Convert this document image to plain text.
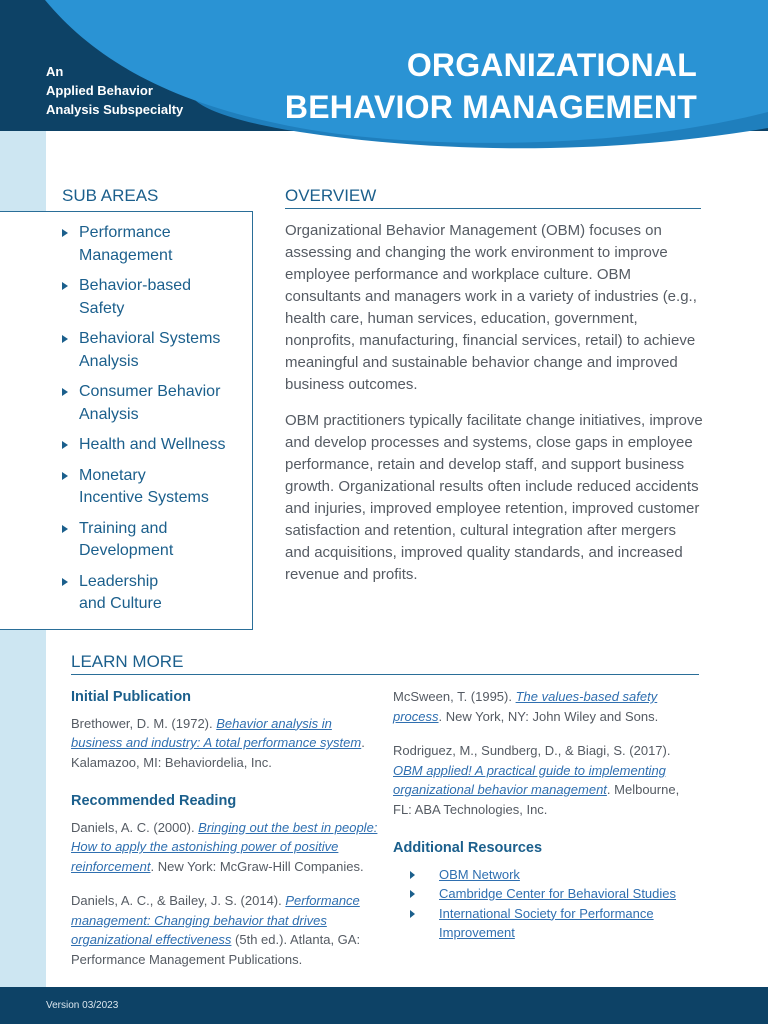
An
Applied Behavior
Analysis Subspecialty
ORGANIZATIONAL
BEHAVIOR MANAGEMENT
SUB AREAS
Performance
Management
Behavior-based
Safety
Behavioral Systems
Analysis
Consumer Behavior
Analysis
Health and Wellness
Monetary
Incentive Systems
Training and
Development
Leadership
and Culture
OVERVIEW

Organizational Behavior Management (OBM) focuses on assessing and changing the work environment to improve employee performance and workplace culture. OBM consultants and managers work in a variety of industries (e.g., health care, human services, education, government, nonprofits, manufacturing, financial services, retail) to achieve meaningful and sustainable behavior change and improved business outcomes.

OBM practitioners typically facilitate change initiatives, improve and develop processes and systems, close gaps in employee performance, retain and develop staff, and support business growth. Organizational results often include reduced accidents and injuries, improved employee retention, improved customer satisfaction and retention, cultural integration after mergers and acquisitions, improved quality standards, and increased revenue and profits.

LEARN MORE
Initial Publication

Brethower, D. M. (1972). Behavior analysis in business and industry: A total performance system. Kalamazoo, MI: Behaviordelia, Inc.

Recommended Reading

Daniels, A. C. (2000). Bringing out the best in people: How to apply the astonishing power of positive reinforcement. New York: McGraw-Hill Companies.

Daniels, A. C., & Bailey, J. S. (2014). Performance management: Changing behavior that drives organizational effectiveness (5th ed.). Atlanta, GA: Performance Management Publications.

McSween, T. (1995). The values-based safety process. New York, NY: John Wiley and Sons.

Rodriguez, M., Sundberg, D., & Biagi, S. (2017). OBM applied! A practical guide to implementing organizational behavior management. Melbourne, FL: ABA Technologies, Inc.

Additional Resources
OBM Network
Cambridge Center for Behavioral Studies
International Society for Performance Improvement
Version 03/2023
